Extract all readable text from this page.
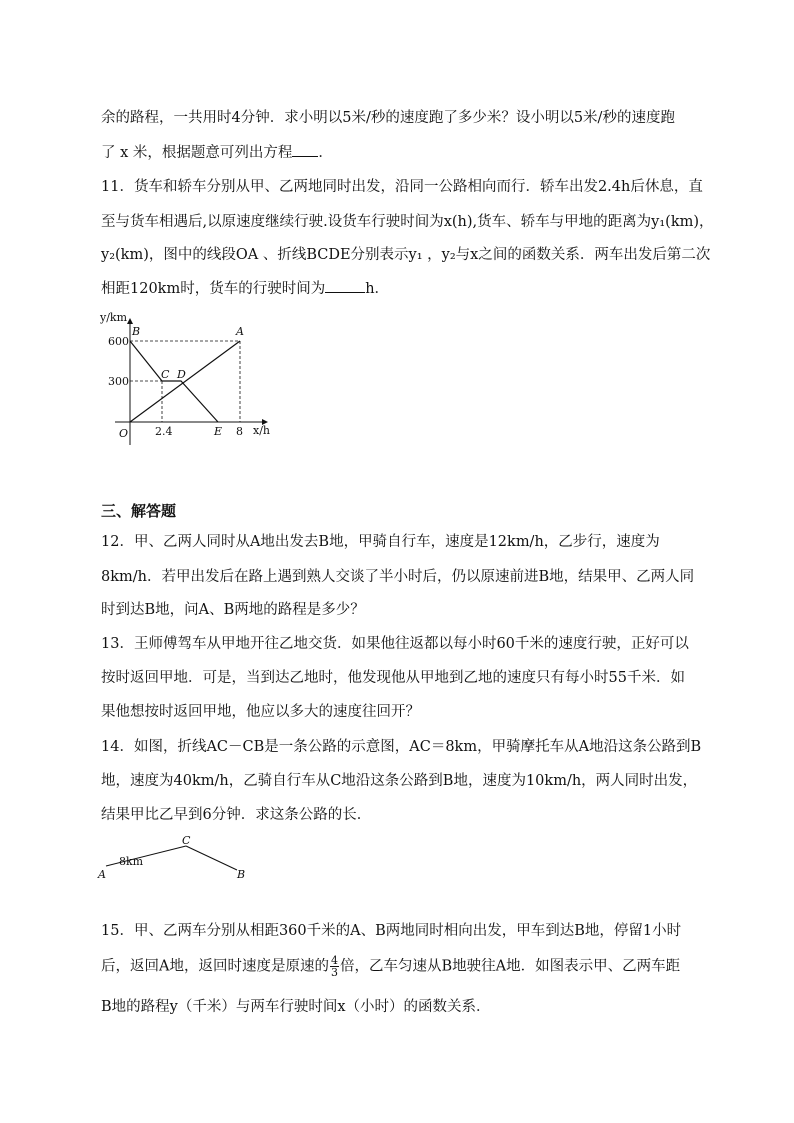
余的路程，一共用时4分钟．求小明以5米/秒的速度跑了多少米？设小明以5米/秒的速度跑
了 x 米，根据题意可列出方程 ．
11．货车和轿车分别从甲、乙两地同时出发，沿同一公路相向而行．轿车出发2.4h后休息，直
至与货车相遇后,以原速度继续行驶.设货车行驶时间为x(h),货车、轿车与甲地的距离为y₁(km)，
y₂(km)，图中的线段OA 、折线BCDE分别表示y₁ ，y₂与x之间的函数关系．两车出发后第二次
相距120km时，货车的行驶时间为	h．
y/km
x/h
O
600
300
2.4	E 8
B	A
C D
三、解答题
12．甲、乙两人同时从A地出发去B地，甲骑自行车，速度是12km/h，乙步行，速度为
8km/h．若甲出发后在路上遇到熟人交谈了半小时后，仍以原速前进B地，结果甲、乙两人同
时到达B地，问A、B两地的路程是多少？
13．王师傅驾车从甲地开往乙地交货．如果他往返都以每小时60千米的速度行驶，正好可以
按时返回甲地．可是，当到达乙地时，他发现他从甲地到乙地的速度只有每小时55千米．如
果他想按时返回甲地，他应以多大的速度往回开？
14．如图，折线AC－CB是一条公路的示意图，AC＝8km，甲骑摩托车从A地沿这条公路到B
地，速度为40km/h，乙骑自行车从C地沿这条公路到B地，速度为10km/h，两人同时出发，
结果甲比乙早到6分钟．求这条公路的长．
8km
C
B
A
15．甲、乙两车分别从相距360千米的A、B两地同时相向出发，甲车到达B地，停留1小时
后，返回A地，返回时速度是原速的 $\frac{4}{3}$ 倍，乙车匀速从B地驶往A地．如图表示甲、乙两车距
B地的路程y（千米）与两车行驶时间x（小时）的函数关系．
